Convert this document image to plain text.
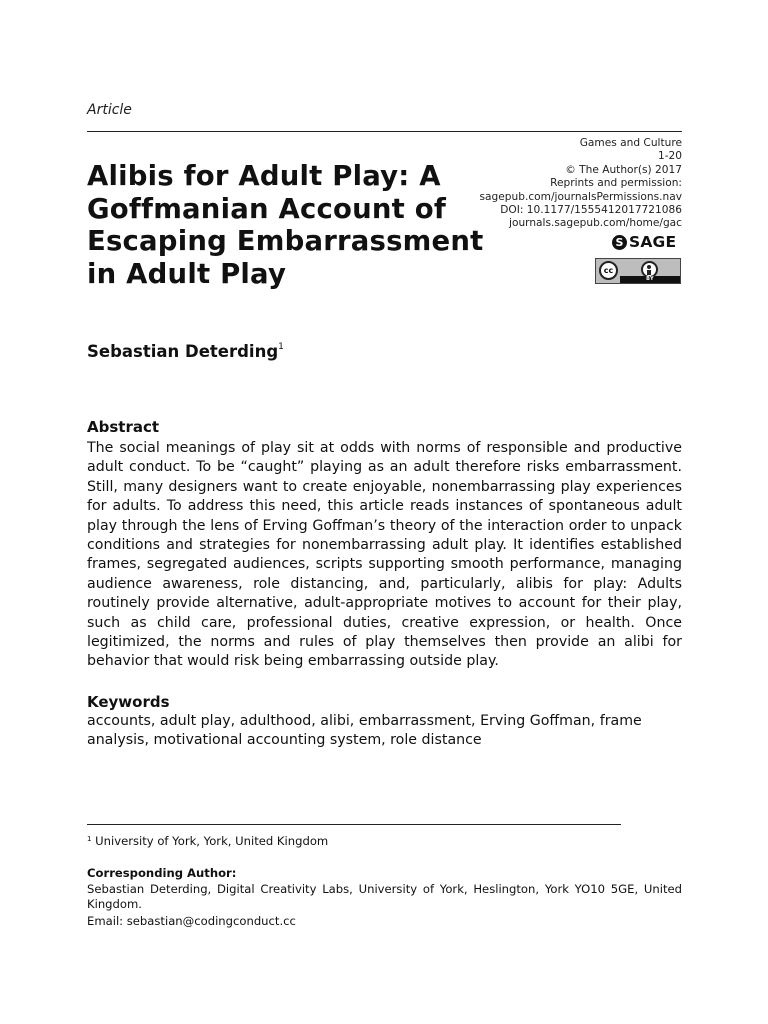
Article
Alibis for Adult Play: A Goffmanian Account of Escaping Embarrassment in Adult Play
Games and Culture
1-20
© The Author(s) 2017
Reprints and permission:
sagepub.com/journalsPermissions.nav
DOI: 10.1177/1555412017721086
journals.sagepub.com/home/gac
S SAGE
cc
BY
Sebastian Deterding$^1$
Abstract

The social meanings of play sit at odds with norms of responsible and productive adult conduct. To be “caught” playing as an adult therefore risks embarrassment. Still, many designers want to create enjoyable, nonembarrassing play experiences for adults. To address this need, this article reads instances of spontaneous adult play through the lens of Erving Goffman’s theory of the interaction order to unpack conditions and strategies for nonembarrassing adult play. It identifies established frames, segregated audiences, scripts supporting smooth performance, managing audience awareness, role distancing, and, particularly, alibis for play: Adults routinely provide alternative, adult-appropriate motives to account for their play, such as child care, professional duties, creative expression, or health. Once legitimized, the norms and rules of play themselves then provide an alibi for behavior that would risk being embarrassing outside play.

Keywords

accounts, adult play, adulthood, alibi, embarrassment, Erving Goffman, frame analysis, motivational accounting system, role distance

$^1$ University of York, York, United Kingdom
Corresponding Author:

Sebastian Deterding, Digital Creativity Labs, University of York, Heslington, York YO10 5GE, United Kingdom.

Email: sebastian@codingconduct.cc
